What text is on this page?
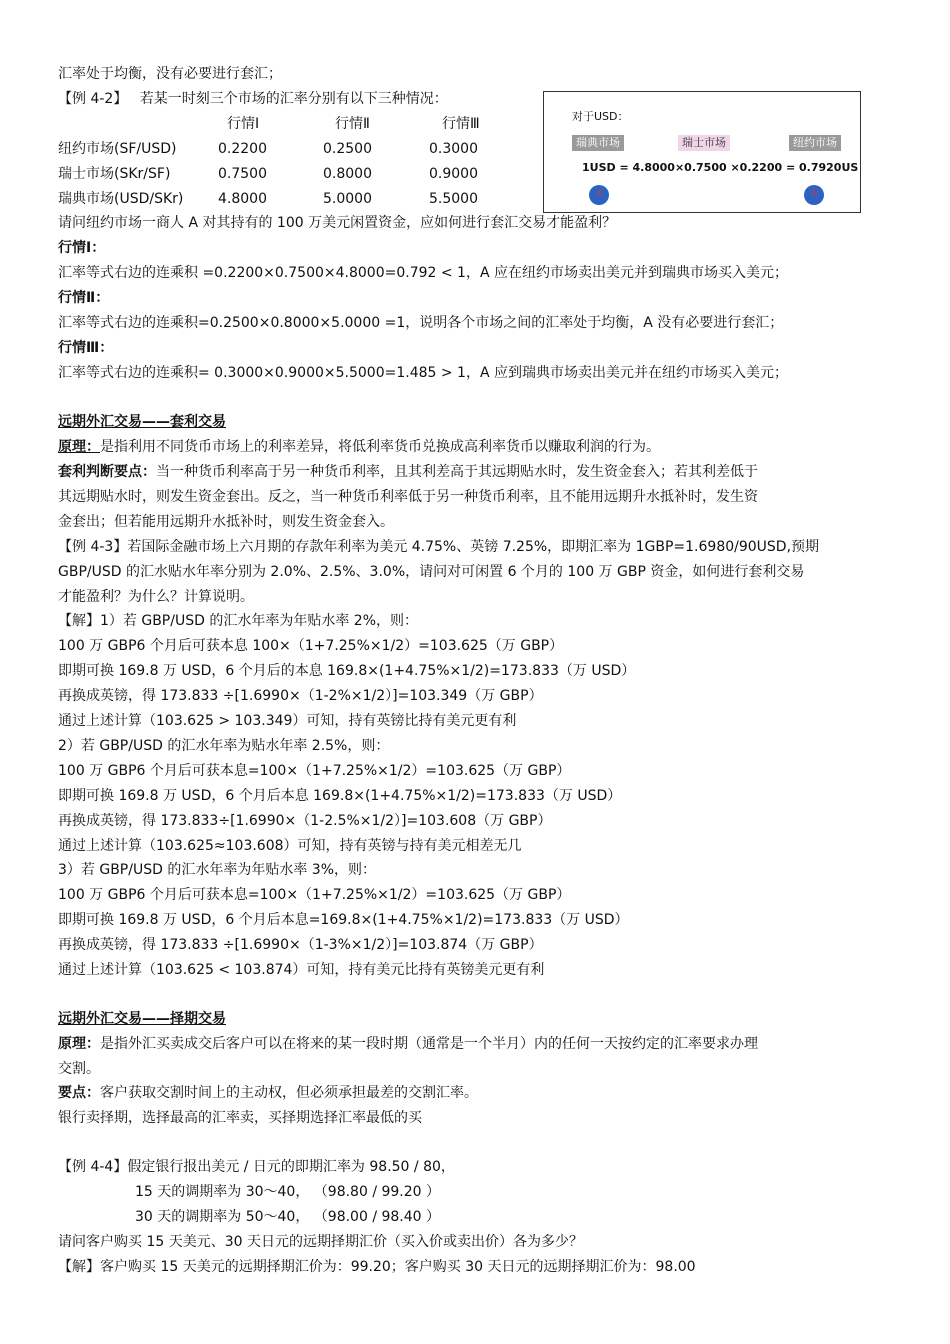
汇率处于均衡，没有必要进行套汇；
【例 4-2】 若某一时刻三个市场的汇率分别有以下三种情况：
行情Ⅰ	行情Ⅱ	行情Ⅲ
纽约市场(SF/USD)	0.2200	0.2500	0.3000
瑞士市场(SKr/SF)	0.7500	0.8000	0.9000
瑞典市场(USD/SKr) 4.8000	5.0000	5.5000
对于USD：
瑞典市场	瑞士市场	纽约市场
1USD = 4.8000×0.7500 ×0.2200 = 0.7920US
买	卖
请问纽约市场一商人 A 对其持有的 100 万美元闲置资金，应如何进行套汇交易才能盈利？
行情Ⅰ：
汇率等式右边的连乘积 =0.2200×0.7500×4.8000=0.792 < 1，A 应在纽约市场卖出美元并到瑞典市场买入美元；
行情Ⅱ：
汇率等式右边的连乘积=0.2500×0.8000×5.0000 =1，说明各个市场之间的汇率处于均衡，A 没有必要进行套汇；
行情Ⅲ：
汇率等式右边的连乘积= 0.3000×0.9000×5.5000=1.485 > 1，A 应到瑞典市场卖出美元并在纽约市场买入美元；
远期外汇交易——套利交易
原理：是指利用不同货币市场上的利率差异，将低利率货币兑换成高利率货币以赚取利润的行为。
套利判断要点：当一种货币利率高于另一种货币利率，且其利差高于其远期贴水时，发生资金套入；若其利差低于
其远期贴水时，则发生资金套出。反之，当一种货币利率低于另一种货币利率，且不能用远期升水抵补时，发生资
金套出；但若能用远期升水抵补时，则发生资金套入。
【例 4-3】若国际金融市场上六月期的存款年利率为美元 4.75%、英镑 7.25%，即期汇率为 1GBP=1.6980/90USD,预期
GBP/USD 的汇水贴水年率分别为 2.0%、2.5%、3.0%，请问对可闲置 6 个月的 100 万 GBP 资金，如何进行套利交易
才能盈利？为什么？计算说明。
【解】1）若 GBP/USD 的汇水年率为年贴水率 2%，则：
100 万 GBP6 个月后可获本息 100×（1+7.25%×1/2）=103.625（万 GBP）
即期可换 169.8 万 USD，6 个月后的本息 169.8×(1+4.75%×1/2)=173.833（万 USD）
再换成英镑，得 173.833 ÷[1.6990×（1-2%×1/2）]=103.349（万 GBP）
通过上述计算（103.625 > 103.349）可知，持有英镑比持有美元更有利
2）若 GBP/USD 的汇水年率为贴水年率 2.5%，则：
100 万 GBP6 个月后可获本息=100×（1+7.25%×1/2）=103.625（万 GBP）
即期可换 169.8 万 USD，6 个月后本息 169.8×(1+4.75%×1/2)=173.833（万 USD）
再换成英镑，得 173.833÷[1.6990×（1-2.5%×1/2）]=103.608（万 GBP）
通过上述计算（103.625≈103.608）可知，持有英镑与持有美元相差无几
3）若 GBP/USD 的汇水年率为年贴水率 3%，则：
100 万 GBP6 个月后可获本息=100×（1+7.25%×1/2）=103.625（万 GBP）
即期可换 169.8 万 USD，6 个月后本息=169.8×(1+4.75%×1/2)=173.833（万 USD）
再换成英镑，得 173.833 ÷[1.6990×（1-3%×1/2）]=103.874（万 GBP）
通过上述计算（103.625 < 103.874）可知，持有美元比持有英镑美元更有利
远期外汇交易——择期交易
原理：是指外汇买卖成交后客户可以在将来的某一段时期（通常是一个半月）内的任何一天按约定的汇率要求办理
交割。
要点：客户获取交割时间上的主动权，但必须承担最差的交割汇率。
银行卖择期，选择最高的汇率卖，买择期选择汇率最低的买
【例 4-4】假定银行报出美元 / 日元的即期汇率为 98.50 / 80，
15 天的调期率为 30～40， （98.80 / 99.20 ）
30 天的调期率为 50～40， （98.00 / 98.40 ）
请问客户购买 15 天美元、30 天日元的远期择期汇价（买入价或卖出价）各为多少？
【解】客户购买 15 天美元的远期择期汇价为：99.20；客户购买 30 天日元的远期择期汇价为：98.00
